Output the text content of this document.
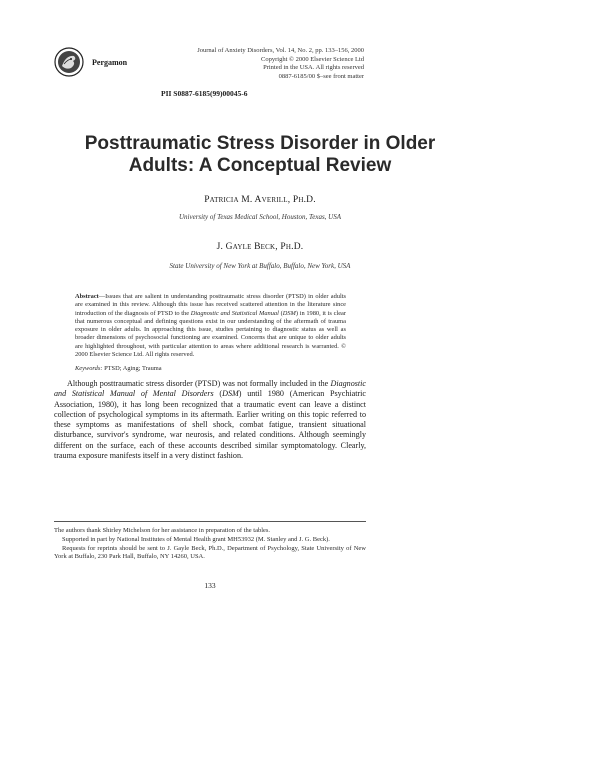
Pergamon
Journal of Anxiety Disorders, Vol. 14, No. 2, pp. 133–156, 2000
Copyright © 2000 Elsevier Science Ltd
Printed in the USA. All rights reserved
0887-6185/00 $–see front matter
PII S0887-6185(99)00045-6
Posttraumatic Stress Disorder in Older
Adults: A Conceptual Review
Patricia M. Averill, Ph.D.
University of Texas Medical School, Houston, Texas, USA
J. Gayle Beck, Ph.D.
State University of New York at Buffalo, Buffalo, New York, USA
Abstract—Issues that are salient in understanding posttraumatic stress disorder (PTSD) in older adults are examined in this review. Although this issue has received scattered attention in the literature since introduction of the diagnosis of PTSD to the Diagnostic and Statistical Manual (DSM) in 1980, it is clear that numerous conceptual and defining questions exist in our understanding of the aftermath of trauma exposure in older adults. In approaching this issue, studies pertaining to diagnostic status as well as broader dimensions of psychosocial functioning are examined. Concerns that are unique to older adults are highlighted throughout, with particular attention to areas where additional research is warranted. © 2000 Elsevier Science Ltd. All rights reserved.
Keywords: PTSD; Aging; Trauma

Although posttraumatic stress disorder (PTSD) was not formally included in the Diagnostic and Statistical Manual of Mental Disorders (DSM) until 1980 (American Psychiatric Association, 1980), it has long been recognized that a traumatic event can leave a distinct collection of psychological symptoms in its aftermath. Earlier writing on this topic referred to these symptoms as manifestations of shell shock, combat fatigue, transient situational disturbance, survivor's syndrome, war neurosis, and related conditions. Although seemingly different on the surface, each of these accounts described similar symptomatology. Clearly, trauma exposure manifests itself in a very distinct fashion.

The authors thank Shirley Michelson for her assistance in preparation of the tables.

Supported in part by National Institutes of Mental Health grant MH53932 (M. Stanley and J. G. Beck).

Requests for reprints should be sent to J. Gayle Beck, Ph.D., Department of Psychology, State University of New York at Buffalo, 230 Park Hall, Buffalo, NY 14260, USA.

133
